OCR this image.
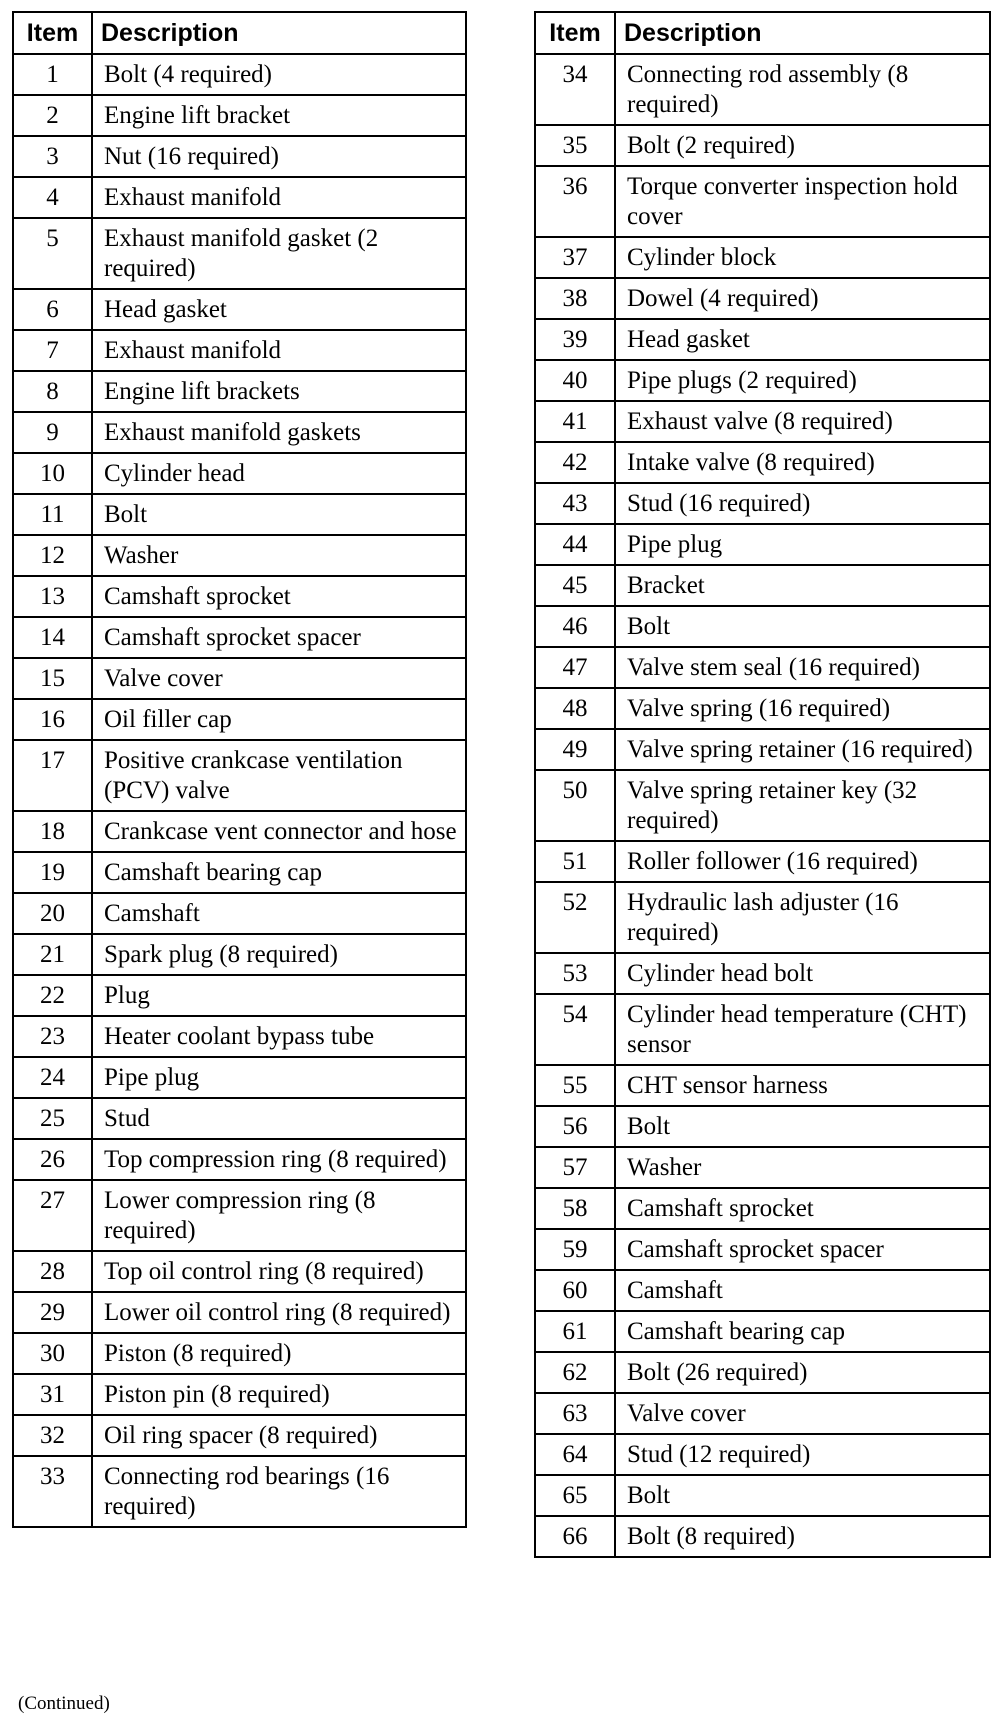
Item	Description
1	Bolt (4 required)
2	Engine lift bracket
3	Nut (16 required)
4	Exhaust manifold
5	Exhaust manifold gasket (2 required)
6	Head gasket
7	Exhaust manifold
8	Engine lift brackets
9	Exhaust manifold gaskets
10	Cylinder head
11	Bolt
12	Washer
13	Camshaft sprocket
14	Camshaft sprocket spacer
15	Valve cover
16	Oil filler cap
17	Positive crankcase ventilation (PCV) valve
18	Crankcase vent connector and hose
19	Camshaft bearing cap
20	Camshaft
21	Spark plug (8 required)
22	Plug
23	Heater coolant bypass tube
24	Pipe plug
25	Stud
26	Top compression ring (8 required)
27	Lower compression ring (8 required)
28	Top oil control ring (8 required)
29	Lower oil control ring (8 required)
30	Piston (8 required)
31	Piston pin (8 required)
32	Oil ring spacer (8 required)
33	Connecting rod bearings (16 required)
Item	Description
34	Connecting rod assembly (8 required)
35	Bolt (2 required)
36	Torque converter inspection hold cover
37	Cylinder block
38	Dowel (4 required)
39	Head gasket
40	Pipe plugs (2 required)
41	Exhaust valve (8 required)
42	Intake valve (8 required)
43	Stud (16 required)
44	Pipe plug
45	Bracket
46	Bolt
47	Valve stem seal (16 required)
48	Valve spring (16 required)
49	Valve spring retainer (16 required)
50	Valve spring retainer key (32 required)
51	Roller follower (16 required)
52	Hydraulic lash adjuster (16 required)
53	Cylinder head bolt
54	Cylinder head temperature (CHT) sensor
55	CHT sensor harness
56	Bolt
57	Washer
58	Camshaft sprocket
59	Camshaft sprocket spacer
60	Camshaft
61	Camshaft bearing cap
62	Bolt (26 required)
63	Valve cover
64	Stud (12 required)
65	Bolt
66	Bolt (8 required)
(Continued)
